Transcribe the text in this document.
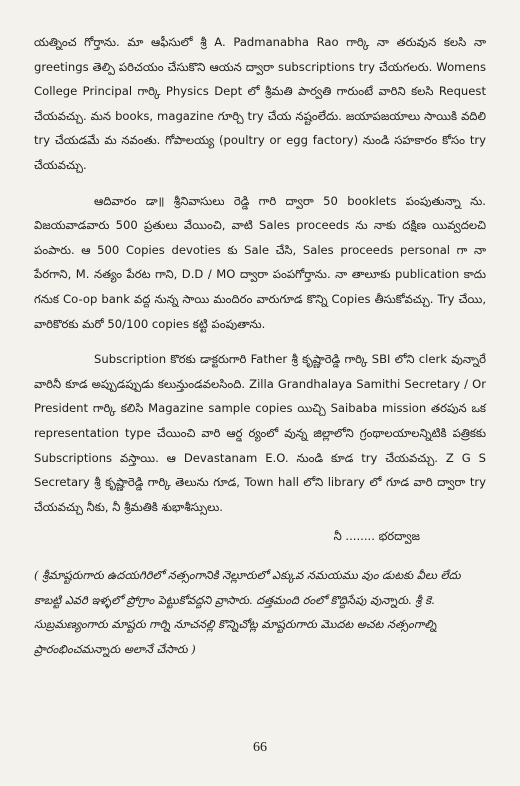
యత్నించ గోర్తాను. మా ఆఫీసులో శ్రీ A. Padmanabha Rao గార్కి నా తరువున కలసి నా greetings తెల్పి పరిచయం చేసుకొని ఆయన ద్వారా subscriptions try చేయగలరు. Womens College Principal గార్కి Physics Dept లో శ్రీమతి పార్వతి గారుంటే వారిని కలసి Request చేయవచ్చు. మన books, magazine గూర్చి try చేయ నష్టంలేదు. జయాపజయాలు సాయికి వదిలి try చేయడమే మ నవంతు. గోపాలయ్య (poultry or egg factory) నుండి సహకారం కోసం try చేయవచ్చు.

ఆదివారం డా॥ శ్రీనివాసులు రెడ్డి గారి ద్వారా 50 booklets పంపుతున్నా ను. విజయవాడవారు 500 ప్రతులు వేయించి, వాటి Sales proceeds ను నాకు దక్షిణ యివ్వదలచి పంపారు. ఆ 500 Copies devoties కు Sale చేసి, Sales proceeds personal గా నా పేరగాని, M. నత్యం పేరట గాని, D.D / MO ద్వారా పంపగోర్తాను. నా తాలూకు publication కాదు గనుక Co-op bank వద్ద నున్న సాయి మందిరం వారుగూడ కొన్ని Copies తీసుకోవచ్చు. Try చేయి, వారికొరకు మరో 50/100 copies కట్టి పంపుతాను.

Subscription కొరకు డాక్టరుగారి Father శ్రీ కృష్ణారెడ్డి గార్కి SBI లోని clerk వున్నారే వారినీ కూడ అప్పుడప్పుడు కలున్తుండవలసింది. Zilla Grandhalaya Samithi Secretary / Or President గార్కి కలిసి Magazine sample copies యిచ్చి Saibaba mission తరపున ఒక representation type చేయించి వారి ఆర్డ ర్యంలో వున్న జిల్లాలోని గ్రంథాలయాలన్నిటికి పత్రికకు Subscriptions వస్తాయి. ఆ Devastanam E.O. నుండి కూడ try చేయవచ్చు. Z G S Secretary శ్రీ కృష్ణారెడ్డి గార్కి తెలును గూడ, Town hall లోని library లో గూడ వారి ద్వారా try చేయవచ్చు నీకు, నీ శ్రీమతికి శుభాశీస్సులు.

నీ ........ భరద్వాజ

( శ్రీమాష్టరుగారు ఉదయగిరిలో నత్సంగానికి నెల్లూరులో ఎక్కువ నమయము వుం డుటకు వీలు లేదు కాబట్టి ఎవరి ఇళ్ళలో ప్రోగ్రాం పెట్టుకోవద్దని వ్రాసారు. దత్తమంది రంలో కొద్దిసేపు వున్నారు. శ్రీ కె. సుబ్రమణ్యంగారు మాష్టరు గార్ని నూచనల్లి కొన్నిచోట్ల మాష్టరుగారు మొదట అచట నత్సంగాల్ని ప్రారంభించమన్నారు అలానే చేసారు )

66
